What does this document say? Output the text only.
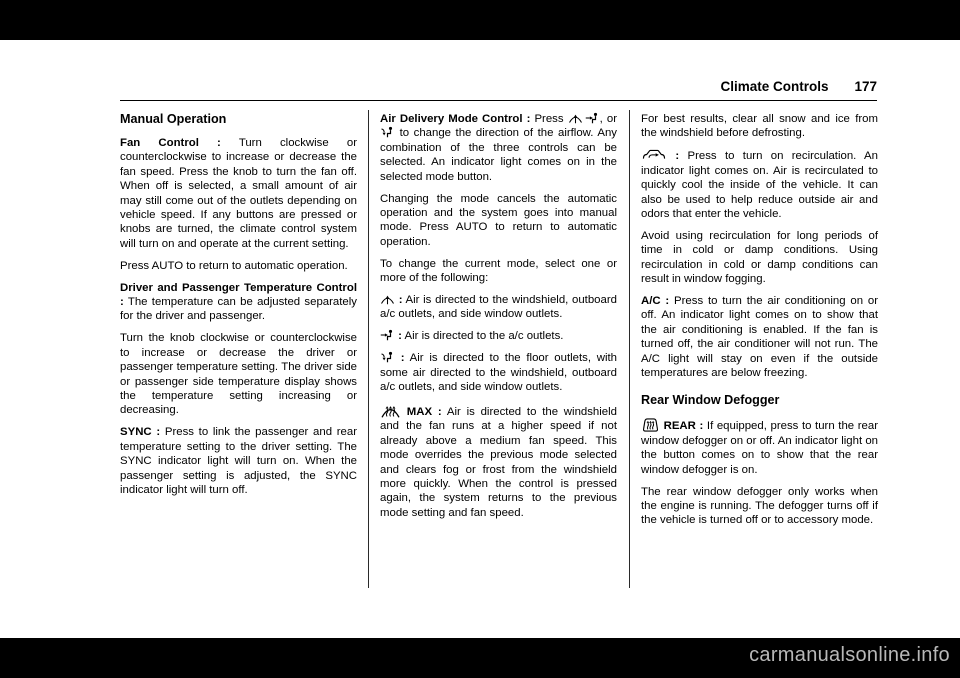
Climate Controls 177
Manual Operation

Fan Control : Turn clockwise or counterclockwise to increase or decrease the fan speed. Press the knob to turn the fan off. When off is selected, a small amount of air may still come out of the outlets depending on vehicle speed. If any buttons are pressed or knobs are turned, the climate control system will turn on and operate at the current setting.

Press AUTO to return to automatic operation.

Driver and Passenger Temperature Control : The temperature can be adjusted separately for the driver and passenger.

Turn the knob clockwise or counterclockwise to increase or decrease the driver or passenger temperature setting. The driver side or passenger side temperature display shows the temperature setting increasing or decreasing.

SYNC : Press to link the passenger and rear temperature setting to the driver setting. The SYNC indicator light will turn on. When the passenger setting is adjusted, the SYNC indicator light will turn off.

Air Delivery Mode Control : Press	, or  to change the direction of the airflow. Any combination of the three controls can be selected. An indicator light comes on in the selected mode button.

Changing the mode cancels the automatic operation and the system goes into manual mode. Press AUTO to return to automatic operation.

To change the current mode, select one or more of the following:

: Air is directed to the windshield, outboard a/c outlets, and side window outlets.

: Air is directed to the a/c outlets.

: Air is directed to the floor outlets, with some air directed to the windshield, outboard a/c outlets, and side window outlets.

MAX : Air is directed to the windshield and the fan runs at a higher speed if not already above a medium fan speed. This mode overrides the previous mode selected and clears fog or frost from the windshield more quickly. When the control is pressed again, the system returns to the previous mode setting and fan speed.

For best results, clear all snow and ice from the windshield before defrosting.

: Press to turn on recirculation. An indicator light comes on. Air is recirculated to quickly cool the inside of the vehicle. It can also be used to help reduce outside air and odors that enter the vehicle.

Avoid using recirculation for long periods of time in cold or damp conditions. Using recirculation in cold or damp conditions can result in window fogging.

A/C : Press to turn the air conditioning on or off. An indicator light comes on to show that the air conditioning is enabled. If the fan is turned off, the air conditioner will not run. The A/C light will stay on even if the outside temperatures are below freezing.

Rear Window Defogger

REAR : If equipped, press to turn the rear window defogger on or off. An indicator light on the button comes on to show that the rear window defogger is on.

The rear window defogger only works when the engine is running. The defogger turns off if the vehicle is turned off or to accessory mode.

carmanualsonline.info
